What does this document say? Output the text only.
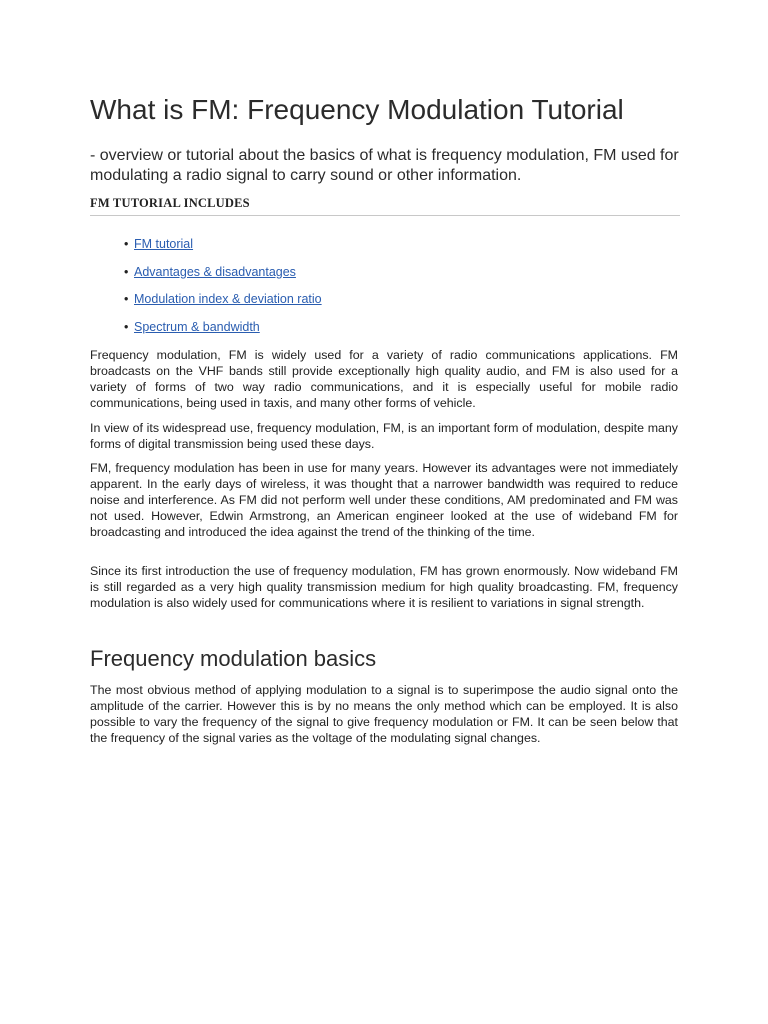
What is FM: Frequency Modulation Tutorial

- overview or tutorial about the basics of what is frequency modulation, FM used for modulating a radio signal to carry sound or other information.

FM TUTORIAL INCLUDES
• FM tutorial
• Advantages & disadvantages
• Modulation index & deviation ratio
• Spectrum & bandwidth

Frequency modulation, FM is widely used for a variety of radio communications applications. FM broadcasts on the VHF bands still provide exceptionally high quality audio, and FM is also used for a variety of forms of two way radio communications, and it is especially useful for mobile radio communications, being used in taxis, and many other forms of vehicle.

In view of its widespread use, frequency modulation, FM, is an important form of modulation, despite many forms of digital transmission being used these days.

FM, frequency modulation has been in use for many years. However its advantages were not immediately apparent. In the early days of wireless, it was thought that a narrower bandwidth was required to reduce noise and interference. As FM did not perform well under these conditions, AM predominated and FM was not used. However, Edwin Armstrong, an American engineer looked at the use of wideband FM for broadcasting and introduced the idea against the trend of the thinking of the time.

Since its first introduction the use of frequency modulation, FM has grown enormously. Now wideband FM is still regarded as a very high quality transmission medium for high quality broadcasting. FM, frequency modulation is also widely used for communications where it is resilient to variations in signal strength.

Frequency modulation basics

The most obvious method of applying modulation to a signal is to superimpose the audio signal onto the amplitude of the carrier. However this is by no means the only method which can be employed. It is also possible to vary the frequency of the signal to give frequency modulation or FM. It can be seen below that the frequency of the signal varies as the voltage of the modulating signal changes.
